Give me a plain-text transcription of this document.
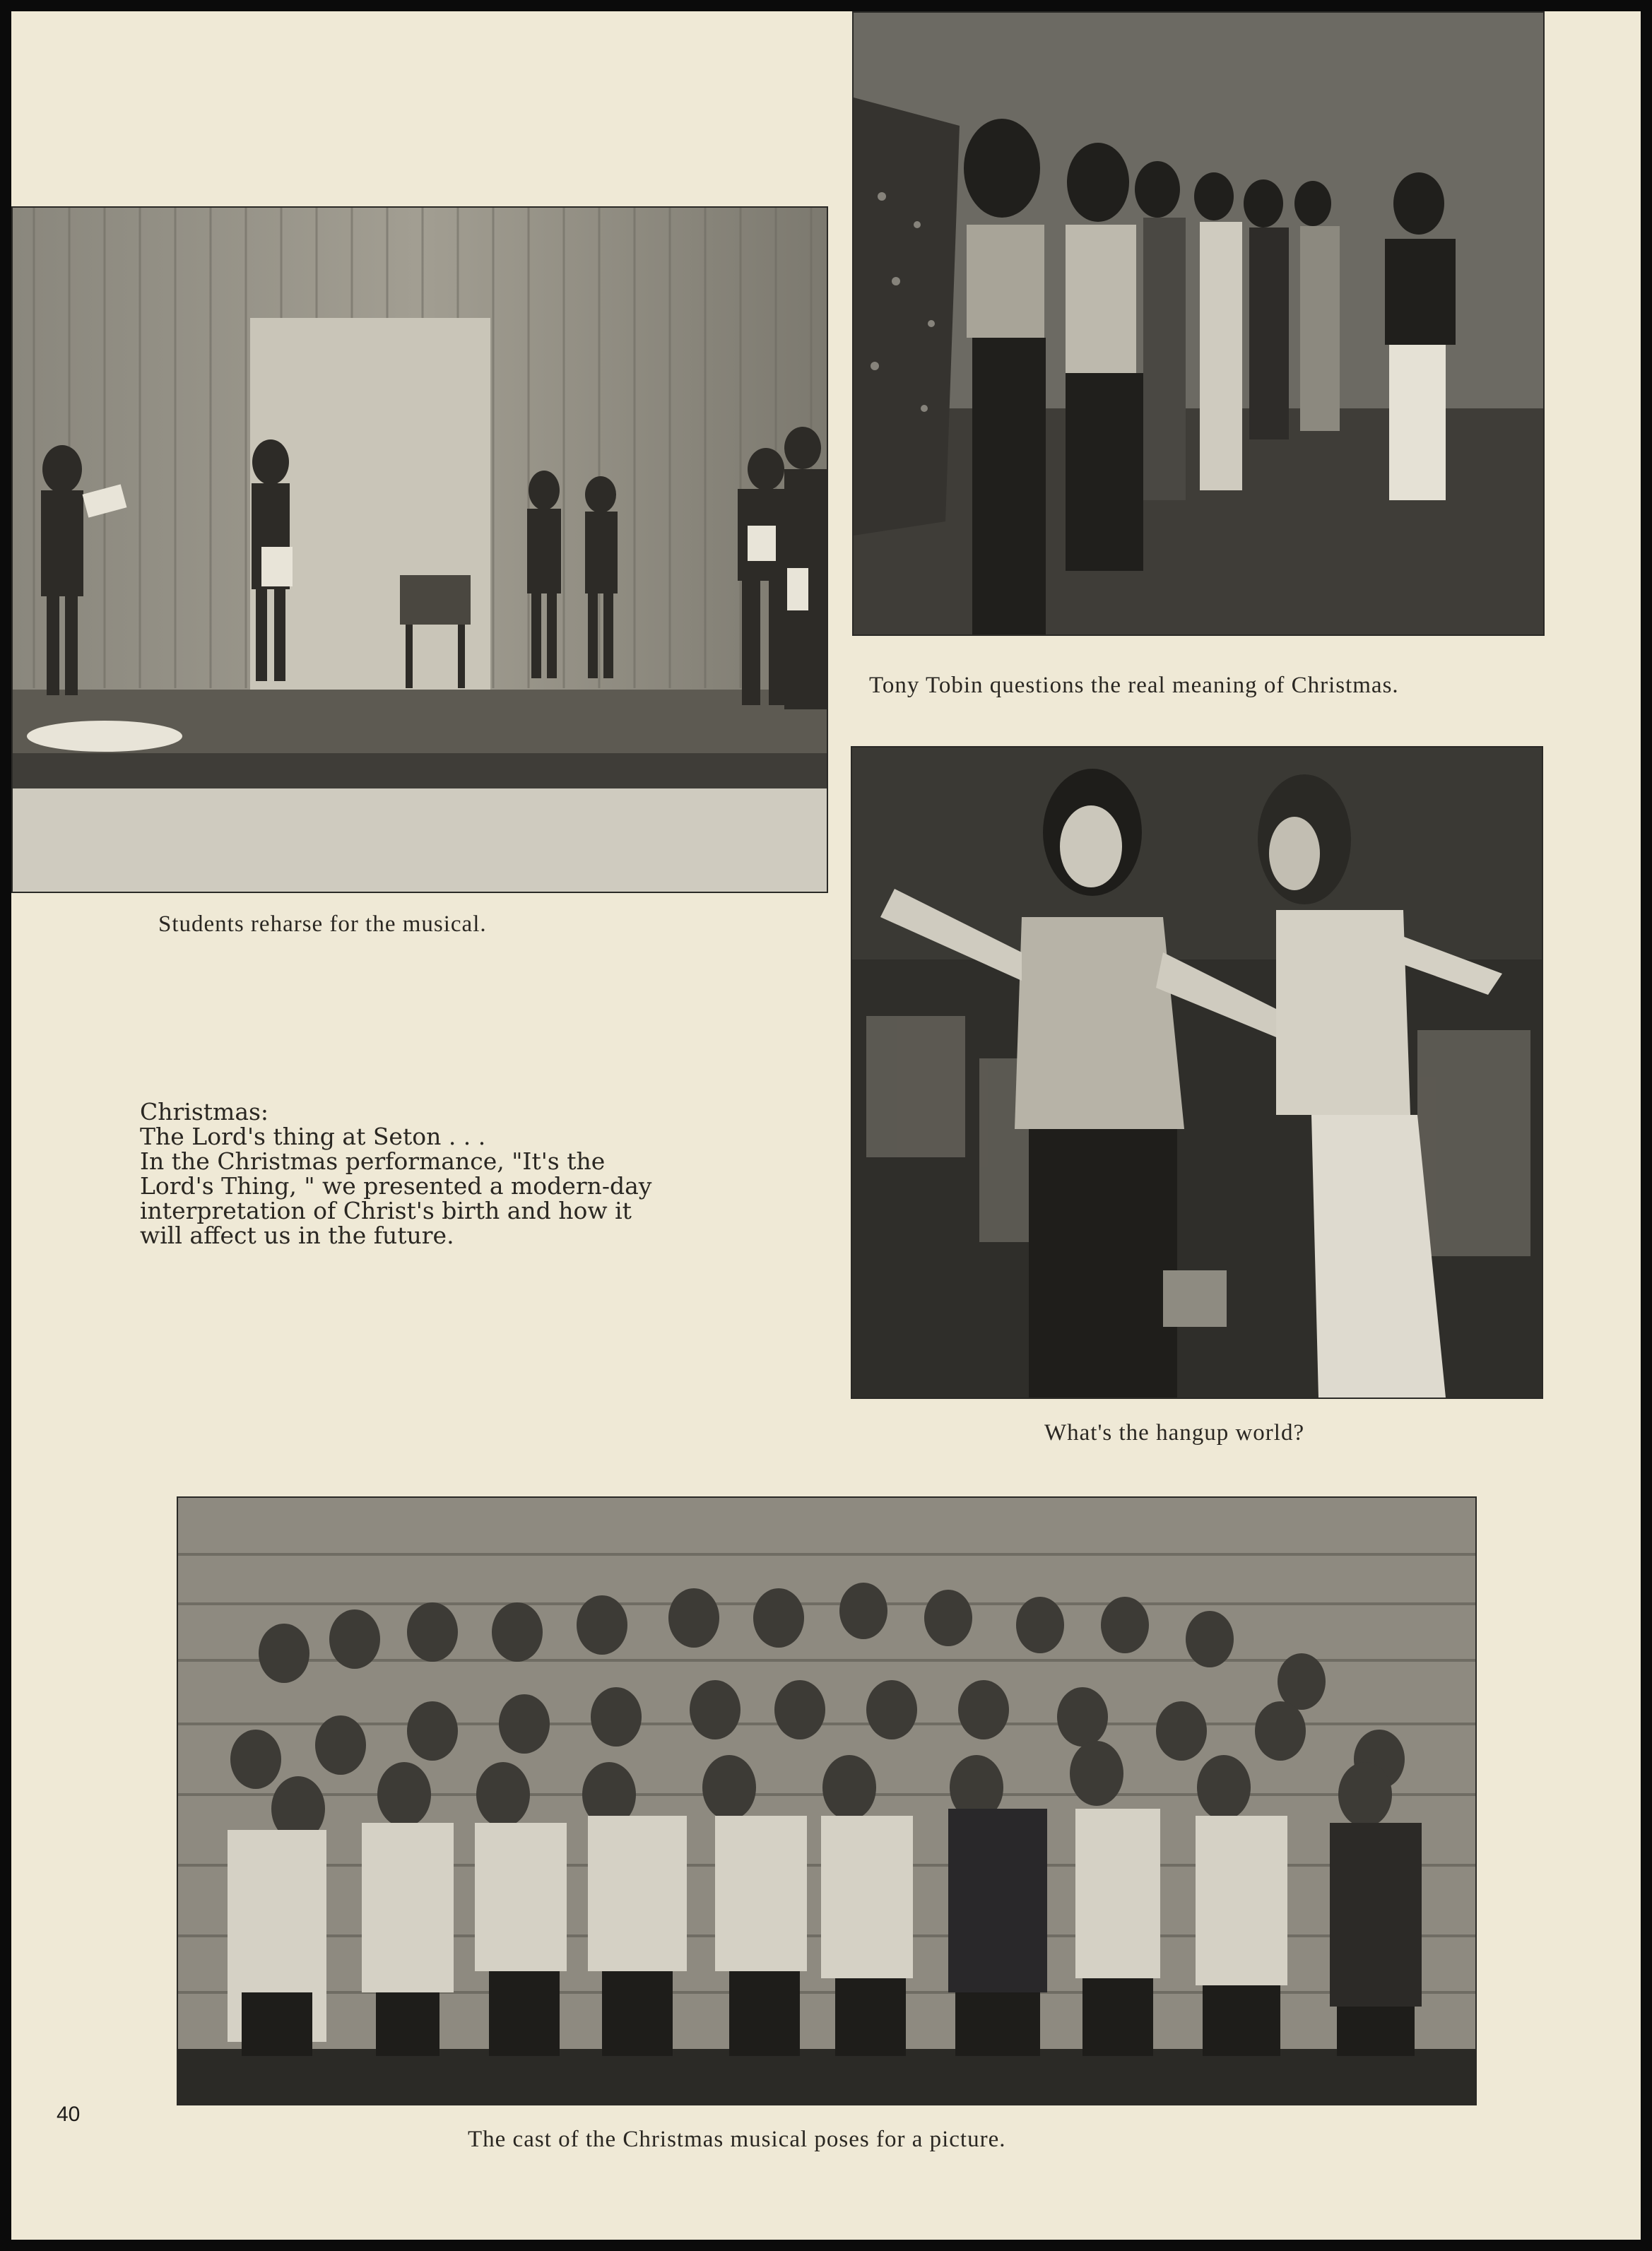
Students reharse for the musical.
Tony Tobin questions the real meaning of Christmas.
What's the hangup world?
Christmas:
The Lord's thing at Seton . . .
In the Christmas performance, "It's the
Lord's Thing, " we presented a modern-day
interpretation of Christ's birth and how it
will affect us in the future.
The cast of the Christmas musical poses for a picture.
40
